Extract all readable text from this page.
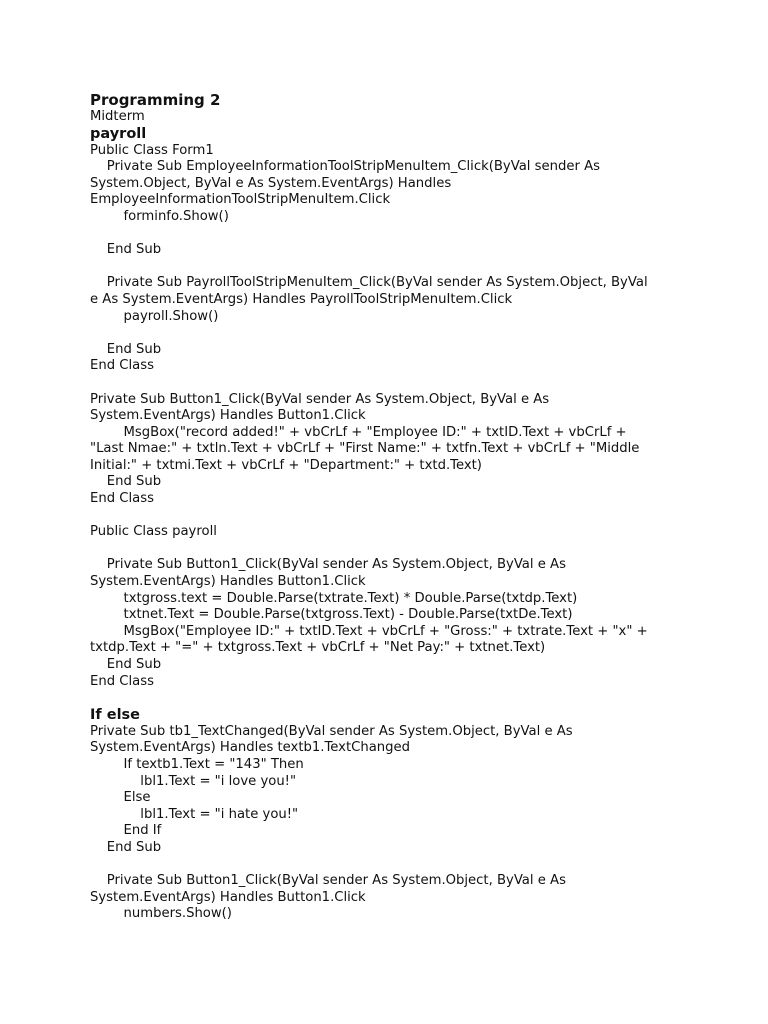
Programming 2
Midterm
payroll
Public Class Form1
Private Sub EmployeeInformationToolStripMenuItem_Click(ByVal sender As
System.Object, ByVal e As System.EventArgs) Handles
EmployeeInformationToolStripMenuItem.Click
forminfo.Show()
End Sub
Private Sub PayrollToolStripMenuItem_Click(ByVal sender As System.Object, ByVal
e As System.EventArgs) Handles PayrollToolStripMenuItem.Click
payroll.Show()
End Sub
End Class
Private Sub Button1_Click(ByVal sender As System.Object, ByVal e As
System.EventArgs) Handles Button1.Click
MsgBox("record added!" + vbCrLf + "Employee ID:" + txtID.Text + vbCrLf +
"Last Nmae:" + txtln.Text + vbCrLf + "First Name:" + txtfn.Text + vbCrLf + "Middle
Initial:" + txtmi.Text + vbCrLf + "Department:" + txtd.Text)
End Sub
End Class
Public Class payroll
Private Sub Button1_Click(ByVal sender As System.Object, ByVal e As
System.EventArgs) Handles Button1.Click
txtgross.text = Double.Parse(txtrate.Text) * Double.Parse(txtdp.Text)
txtnet.Text = Double.Parse(txtgross.Text) - Double.Parse(txtDe.Text)
MsgBox("Employee ID:" + txtID.Text + vbCrLf + "Gross:" + txtrate.Text + "x" +
txtdp.Text + "=" + txtgross.Text + vbCrLf + "Net Pay:" + txtnet.Text)
End Sub
End Class
If else
Private Sub tb1_TextChanged(ByVal sender As System.Object, ByVal e As
System.EventArgs) Handles textb1.TextChanged
If textb1.Text = "143" Then
lbl1.Text = "i love you!"
Else
lbl1.Text = "i hate you!"
End If
End Sub
Private Sub Button1_Click(ByVal sender As System.Object, ByVal e As
System.EventArgs) Handles Button1.Click
numbers.Show()
